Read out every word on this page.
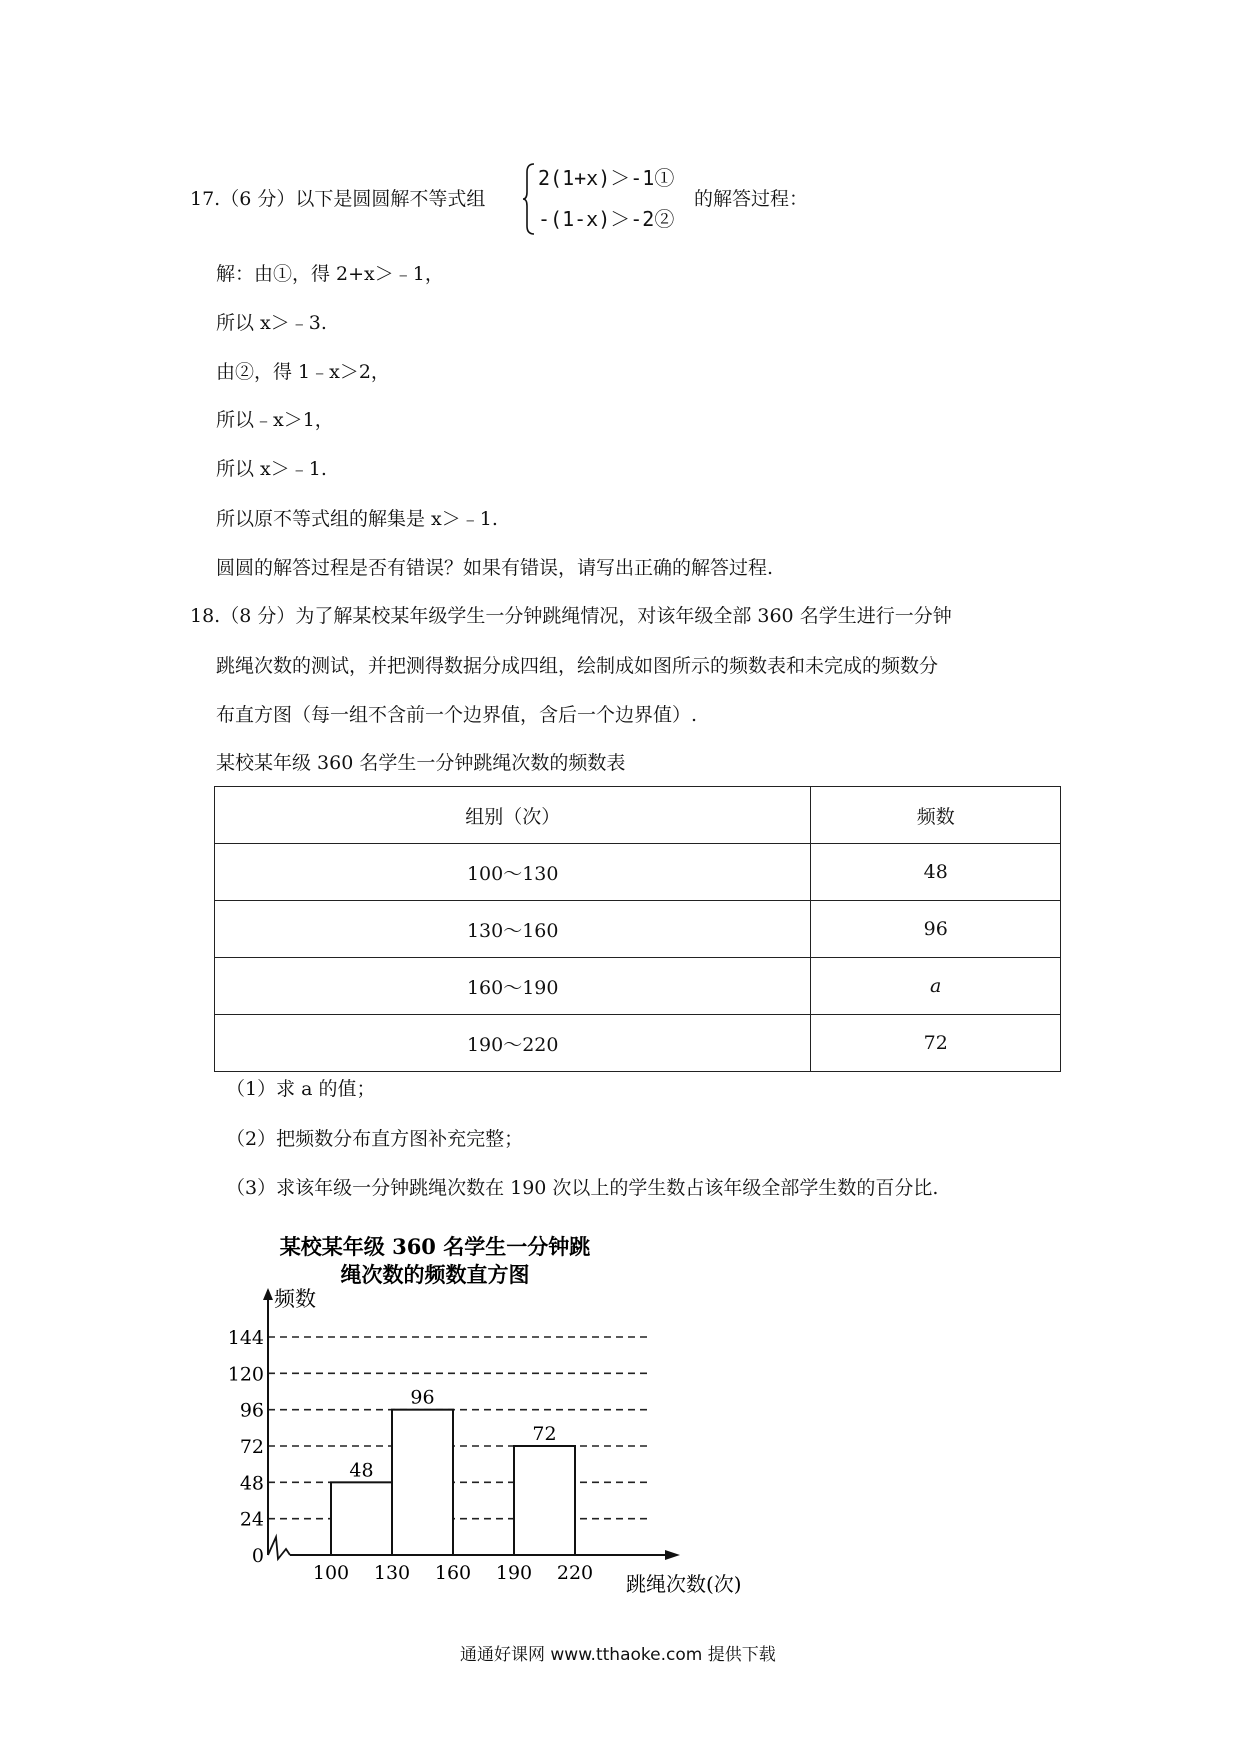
17.（6 分）以下是圆圆解不等式组
2(1+x)＞-1①
-(1-x)＞-2②
的解答过程：
解：由①，得 2+x＞﹣1，
所以 x＞﹣3.
由②，得 1﹣x＞2，
所以﹣x＞1，
所以 x＞﹣1.
所以原不等式组的解集是 x＞﹣1.
圆圆的解答过程是否有错误？如果有错误，请写出正确的解答过程.
18.（8 分）为了解某校某年级学生一分钟跳绳情况，对该年级全部 360 名学生进行一分钟
跳绳次数的测试，并把测得数据分成四组，绘制成如图所示的频数表和未完成的频数分
布直方图（每一组不含前一个边界值，含后一个边界值）.
某校某年级 360 名学生一分钟跳绳次数的频数表
组别（次）	频数
100～130	48
130～160	96
160～190	a
190～220	72
（1）求 a 的值；
（2）把频数分布直方图补充完整；
（3）求该年级一分钟跳绳次数在 190 次以上的学生数占该年级全部学生数的百分比.
某校某年级 360 名学生一分钟跳
绳次数的频数直方图
0
24
48
72
96
120
144
48
96
72
频数
100 130 160 190 220 跳绳次数(次)
通通好课网 www.tthaoke.com 提供下载
